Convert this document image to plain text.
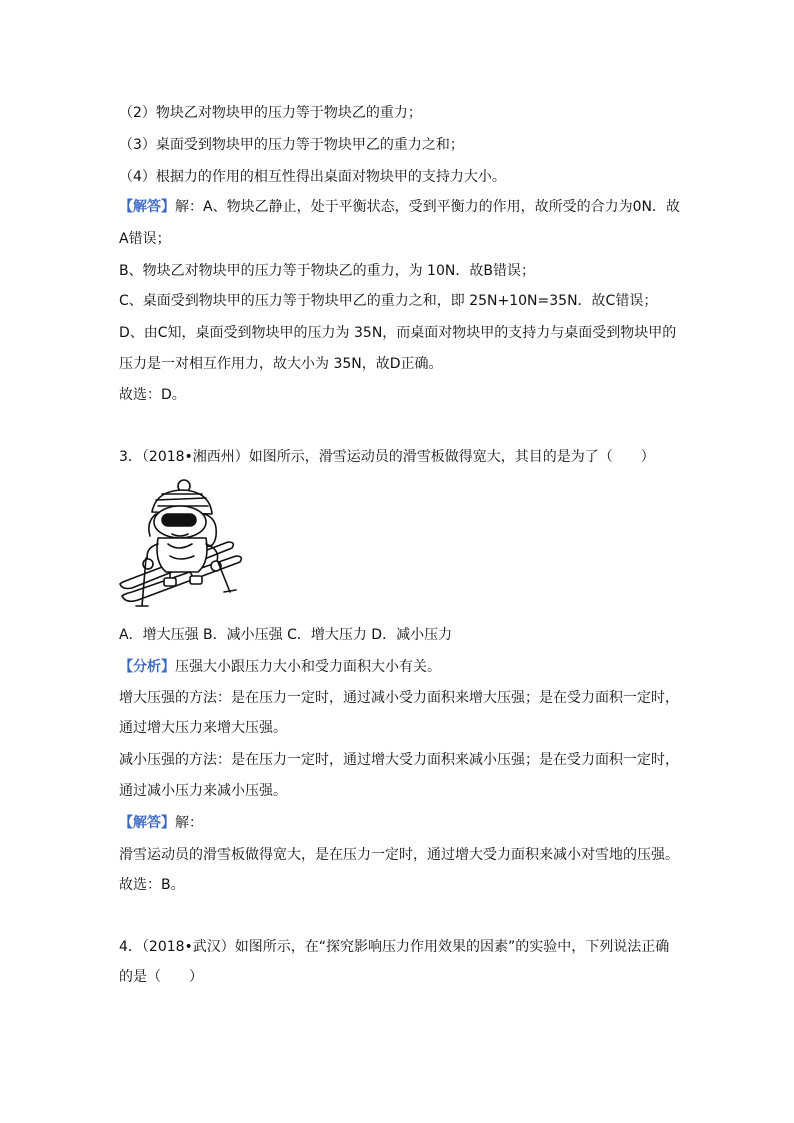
（2）物块乙对物块甲的压力等于物块乙的重力；

（3）桌面受到物块甲的压力等于物块甲乙的重力之和；

（4）根据力的作用的相互性得出桌面对物块甲的支持力大小。

【解答】解：A、物块乙静止，处于平衡状态，受到平衡力的作用，故所受的合力为0N．故

A错误；

B、物块乙对物块甲的压力等于物块乙的重力，为 10N．故B错误；

C、桌面受到物块甲的压力等于物块甲乙的重力之和，即 25N+10N=35N．故C错误；

D、由C知，桌面受到物块甲的压力为 35N，而桌面对物块甲的支持力与桌面受到物块甲的

压力是一对相互作用力，故大小为 35N，故D正确。

故选：D。

3．（2018•湘西州）如图所示，滑雪运动员的滑雪板做得宽大，其目的是为了（　　）

A．增大压强 B．减小压强 C．增大压力 D．减小压力

【分析】压强大小跟压力大小和受力面积大小有关。

增大压强的方法：是在压力一定时，通过减小受力面积来增大压强；是在受力面积一定时，

通过增大压力来增大压强。

减小压强的方法：是在压力一定时，通过增大受力面积来减小压强；是在受力面积一定时，

通过减小压力来减小压强。

【解答】解：

滑雪运动员的滑雪板做得宽大，是在压力一定时，通过增大受力面积来减小对雪地的压强。

故选：B。

4．（2018•武汉）如图所示，在“探究影响压力作用效果的因素”的实验中，下列说法正确

的是（　　）
